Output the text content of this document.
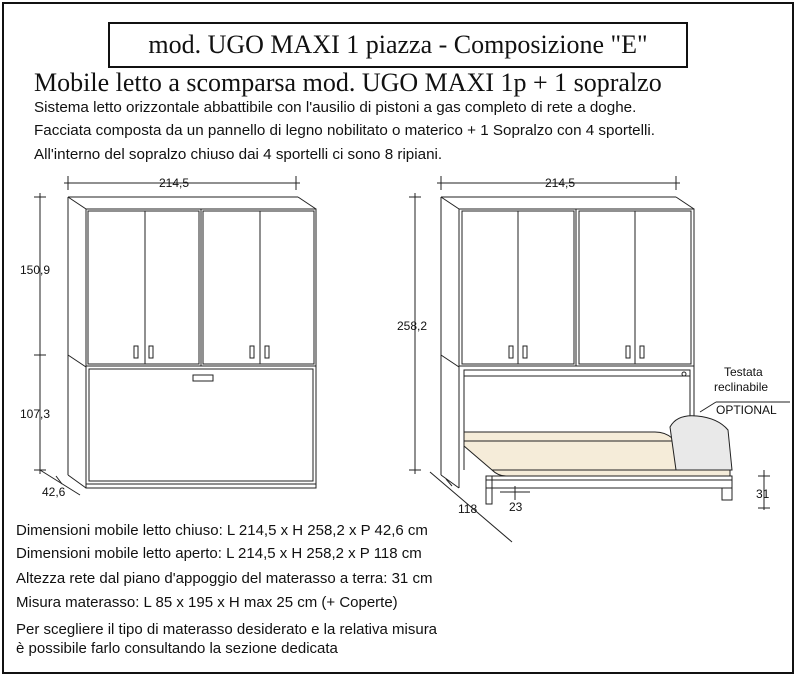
mod. UGO MAXI 1 piazza - Composizione "E"
Mobile letto a scomparsa mod. UGO MAXI 1p + 1 sopralzo
Sistema letto orizzontale abbattibile con l'ausilio di pistoni a gas completo di rete a doghe.
Facciata composta da un pannello di legno nobilitato o materico + 1 Sopralzo con 4 sportelli.
All'interno del sopralzo chiuso dai 4 sportelli ci sono 8 ripiani.
214,5
150,9
107,3
42,6
214,5
258,2
118	23
31
Testata
reclinabile
OPTIONAL
Dimensioni mobile letto chiuso: L 214,5 x H 258,2 x P 42,6 cm
Dimensioni mobile letto aperto: L 214,5 x H 258,2 x P 118 cm
Altezza rete dal piano d'appoggio del materasso a terra: 31 cm
Misura materasso: L 85 x 195 x H max 25 cm (+ Coperte)
Per scegliere il tipo di materasso desiderato e la relativa misura
è possibile farlo consultando la sezione dedicata
